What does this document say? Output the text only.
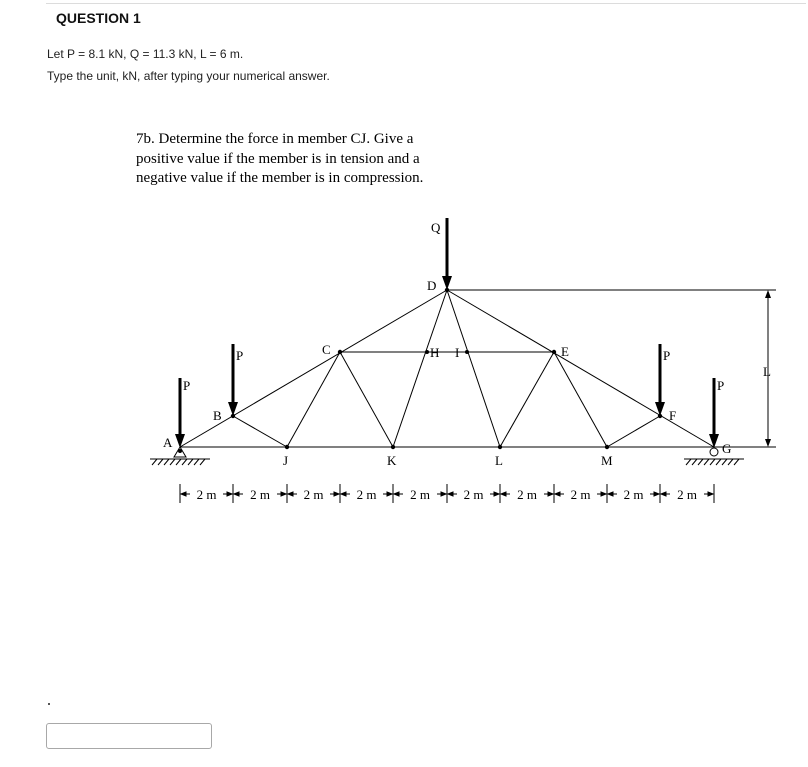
QUESTION 1
Let P = 8.1 kN, Q = 11.3 kN, L = 6 m.
Type the unit, kN, after typing your numerical answer.
7b. Determine the force in member CJ. Give a
positive value if the member is in tension and a
negative value if the member is in compression.
L
Q
P
P	P
P
A
B
C
D
E
F
G
H I
J	K	L	M
2 m	2 m	2 m	2 m	2 m	2 m	2 m	2 m	2 m	2 m
